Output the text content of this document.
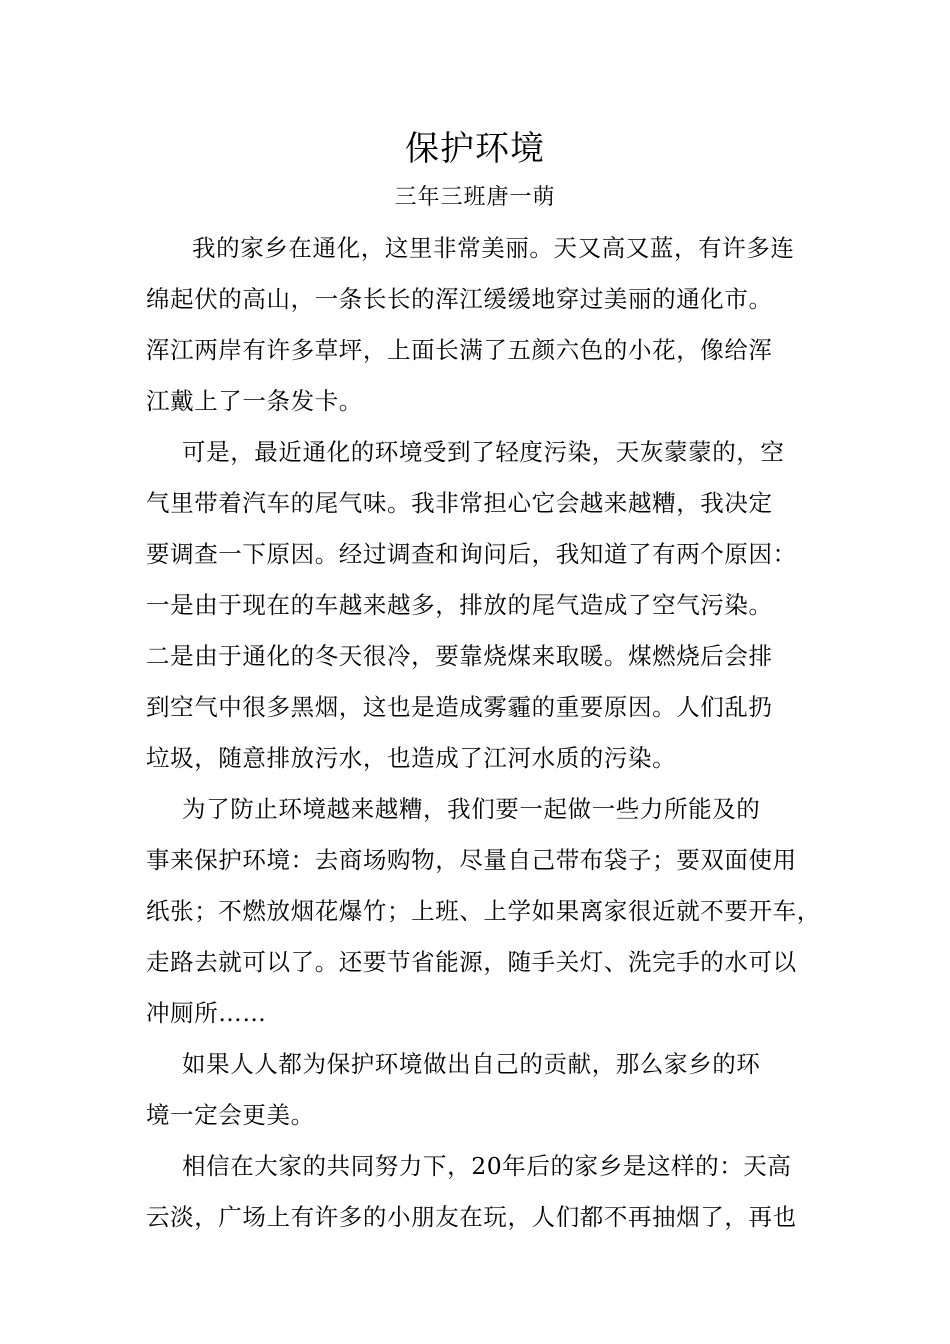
保护环境
三年三班唐一萌
我的家乡在通化，这里非常美丽。天又高又蓝，有许多连
绵起伏的高山，一条长长的浑江缓缓地穿过美丽的通化市。
浑江两岸有许多草坪，上面长满了五颜六色的小花，像给浑
江戴上了一条发卡。
可是，最近通化的环境受到了轻度污染，天灰蒙蒙的，空
气里带着汽车的尾气味。我非常担心它会越来越糟，我决定
要调查一下原因。经过调查和询问后，我知道了有两个原因：
一是由于现在的车越来越多，排放的尾气造成了空气污染。
二是由于通化的冬天很冷，要靠烧煤来取暖。煤燃烧后会排
到空气中很多黑烟，这也是造成雾霾的重要原因。人们乱扔
垃圾，随意排放污水，也造成了江河水质的污染。
为了防止环境越来越糟，我们要一起做一些力所能及的
事来保护环境：去商场购物，尽量自己带布袋子；要双面使用
纸张；不燃放烟花爆竹；上班、上学如果离家很近就不要开车，
走路去就可以了。还要节省能源，随手关灯、洗完手的水可以
冲厕所……
如果人人都为保护环境做出自己的贡献，那么家乡的环
境一定会更美。
相信在大家的共同努力下，20年后的家乡是这样的：天高
云淡，广场上有许多的小朋友在玩，人们都不再抽烟了，再也
